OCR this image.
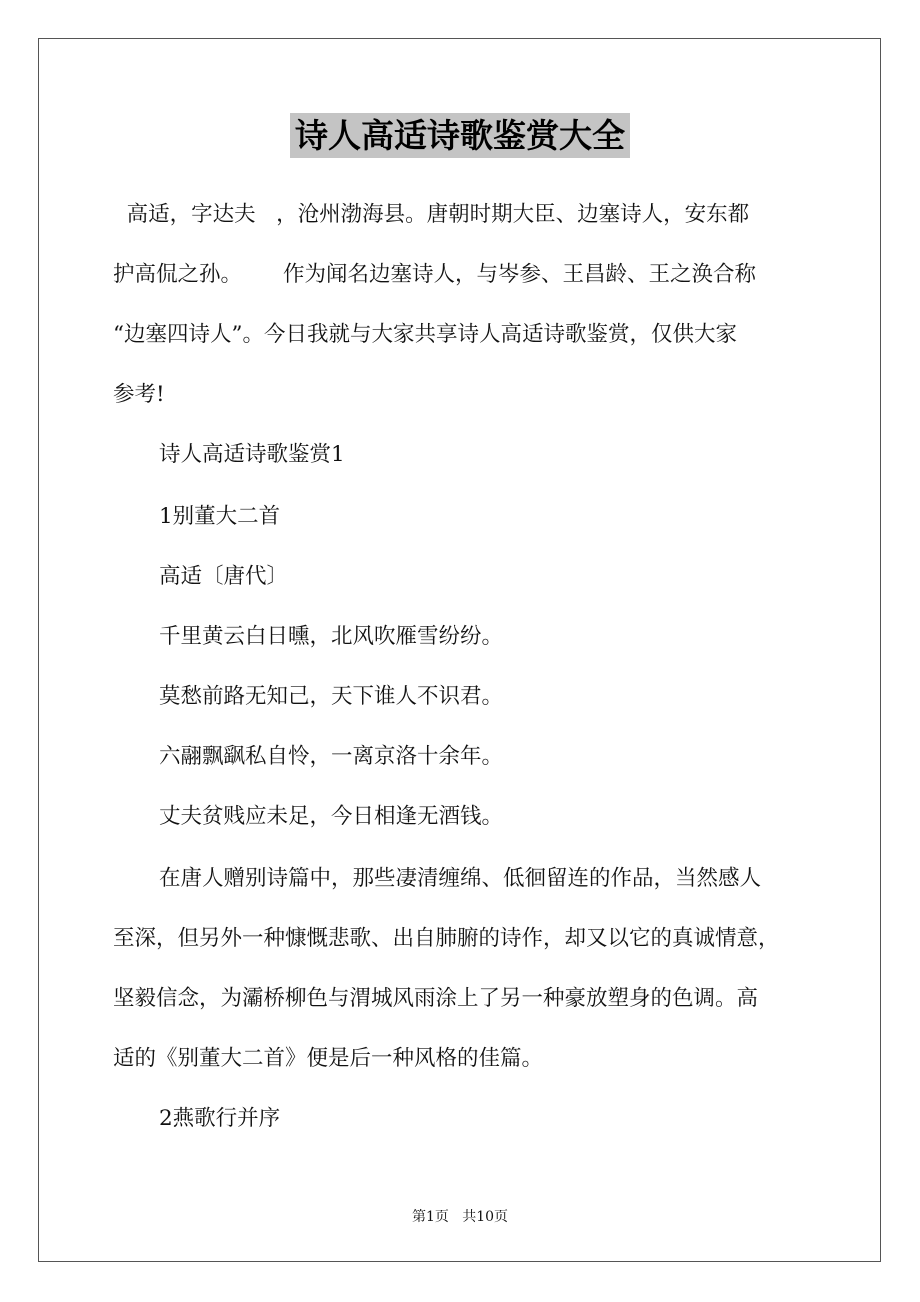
诗人高适诗歌鉴赏大全
高适，字达夫   ，沧州渤海县。唐朝时期大臣、边塞诗人，安东都
护高侃之孙。      作为闻名边塞诗人，与岑参、王昌龄、王之涣合称
“边塞四诗人”。今日我就与大家共享诗人高适诗歌鉴赏，仅供大家
参考!
诗人高适诗歌鉴赏1
1别董大二首
高适〔唐代〕
千里黄云白日曛，北风吹雁雪纷纷。
莫愁前路无知己，天下谁人不识君。
六翮飘飖私自怜，一离京洛十余年。
丈夫贫贱应未足，今日相逢无酒钱。
在唐人赠别诗篇中，那些凄清缠绵、低徊留连的作品，当然感人
至深，但另外一种慷慨悲歌、出自肺腑的诗作，却又以它的真诚情意，
坚毅信念，为灞桥柳色与渭城风雨涂上了另一种豪放塑身的色调。高
适的《别董大二首》便是后一种风格的佳篇。
2燕歌行并序
第1页   共10页
